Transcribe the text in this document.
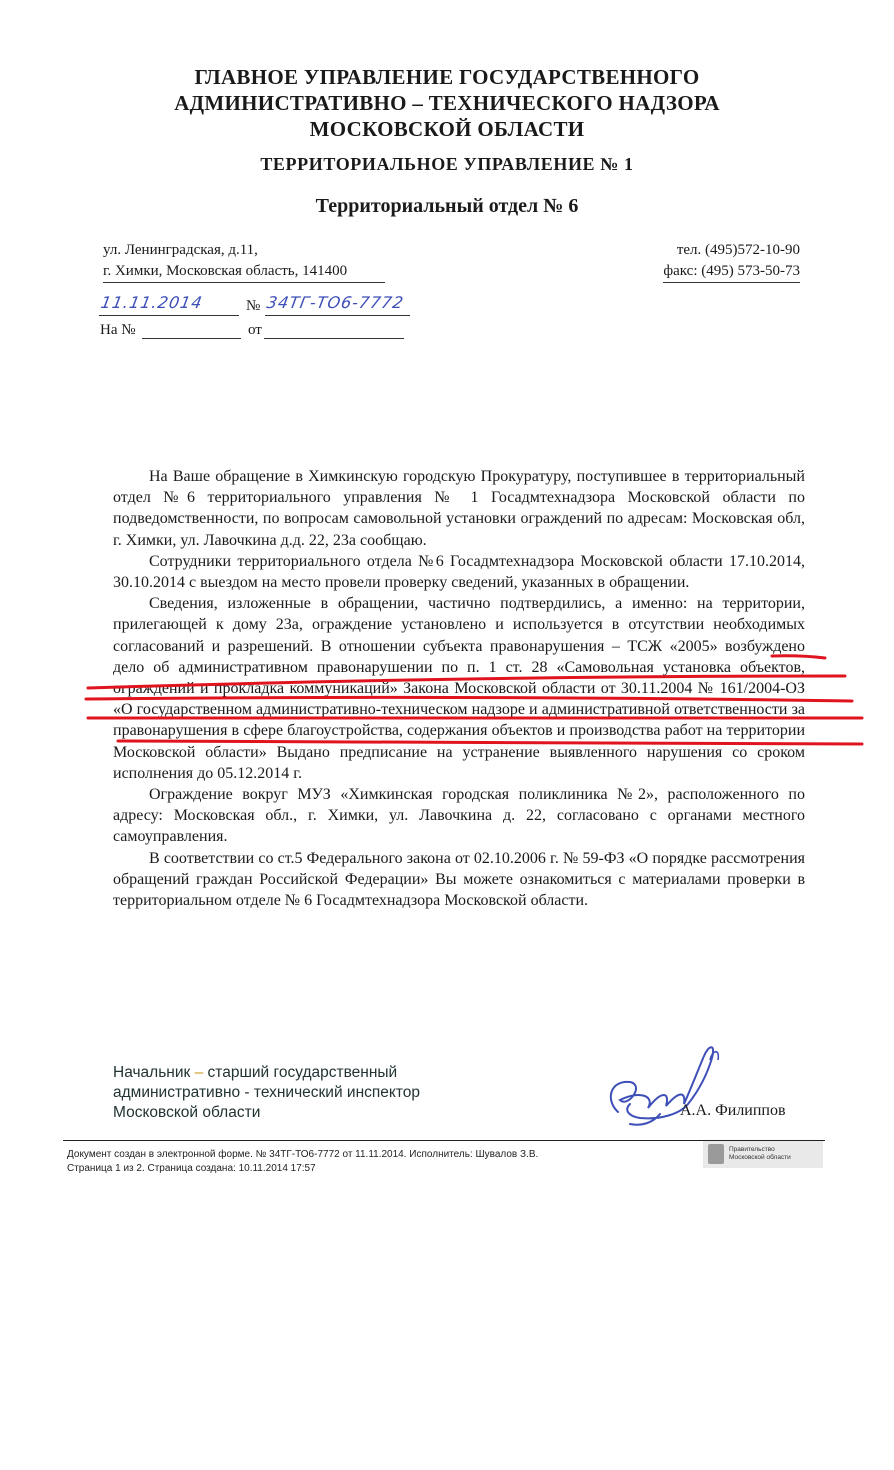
ГЛАВНОЕ УПРАВЛЕНИЕ ГОСУДАРСТВЕННОГО
АДМИНИСТРАТИВНО – ТЕХНИЧЕСКОГО НАДЗОРА
МОСКОВСКОЙ ОБЛАСТИ
ТЕРРИТОРИАЛЬНОЕ УПРАВЛЕНИЕ № 1
Территориальный отдел № 6
ул. Ленинградская, д.11,
г. Химки, Московская область, 141400
тел. (495)572-10-90
факс: (495) 573-50-73
11.11.2014	№ 34ТГ-ТО6-7772
На №	от

На Ваше обращение в Химкинскую городскую Прокуратуру, поступившее в территориальный отдел №6 территориального управления № 1 Госадмтехнадзора Московской области по подведомственности, по вопросам самовольной установки ограждений по адресам: Московская обл, г. Химки, ул. Лавочкина д.д. 22, 23а сообщаю.

Сотрудники территориального отдела №6 Госадмтехнадзора Московской области 17.10.2014, 30.10.2014 с выездом на место провели проверку сведений, указанных в обращении.

Сведения, изложенные в обращении, частично подтвердились, а именно: на территории, прилегающей к дому 23а, ограждение установлено и используется в отсутствии необходимых согласований и разрешений. В отношении субъекта правонарушения – ТСЖ «2005» возбуждено дело об административном правонарушении по п. 1 ст. 28 «Самовольная установка объектов, ограждений и прокладка коммуникаций» Закона Московской области от 30.11.2004 № 161/2004-ОЗ «О государственном административно-техническом надзоре и административной ответственности за правонарушения в сфере благоустройства, содержания объектов и производства работ на территории Московской области» Выдано предписание на устранение выявленного нарушения со сроком исполнения до 05.12.2014 г.

Ограждение вокруг МУЗ «Химкинская городская поликлиника №2», расположенного по адресу: Московская обл., г. Химки, ул. Лавочкина д. 22, согласовано с органами местного самоуправления.

В соответствии со ст.5 Федерального закона от 02.10.2006 г. № 59-ФЗ «О порядке рассмотрения обращений граждан Российской Федерации» Вы можете ознакомиться с материалами проверки в территориальном отделе № 6 Госадмтехнадзора Московской области.

Начальник – старший государственный
административно - технический инспектор
Московской области	А.А. Филиппов
Документ создан в электронной форме. № 34ТГ-ТО6-7772 от 11.11.2014. Исполнитель: Шувалов З.В.
Страница 1 из 2. Страница создана: 10.11.2014 17:57
Правительство
Московской области
